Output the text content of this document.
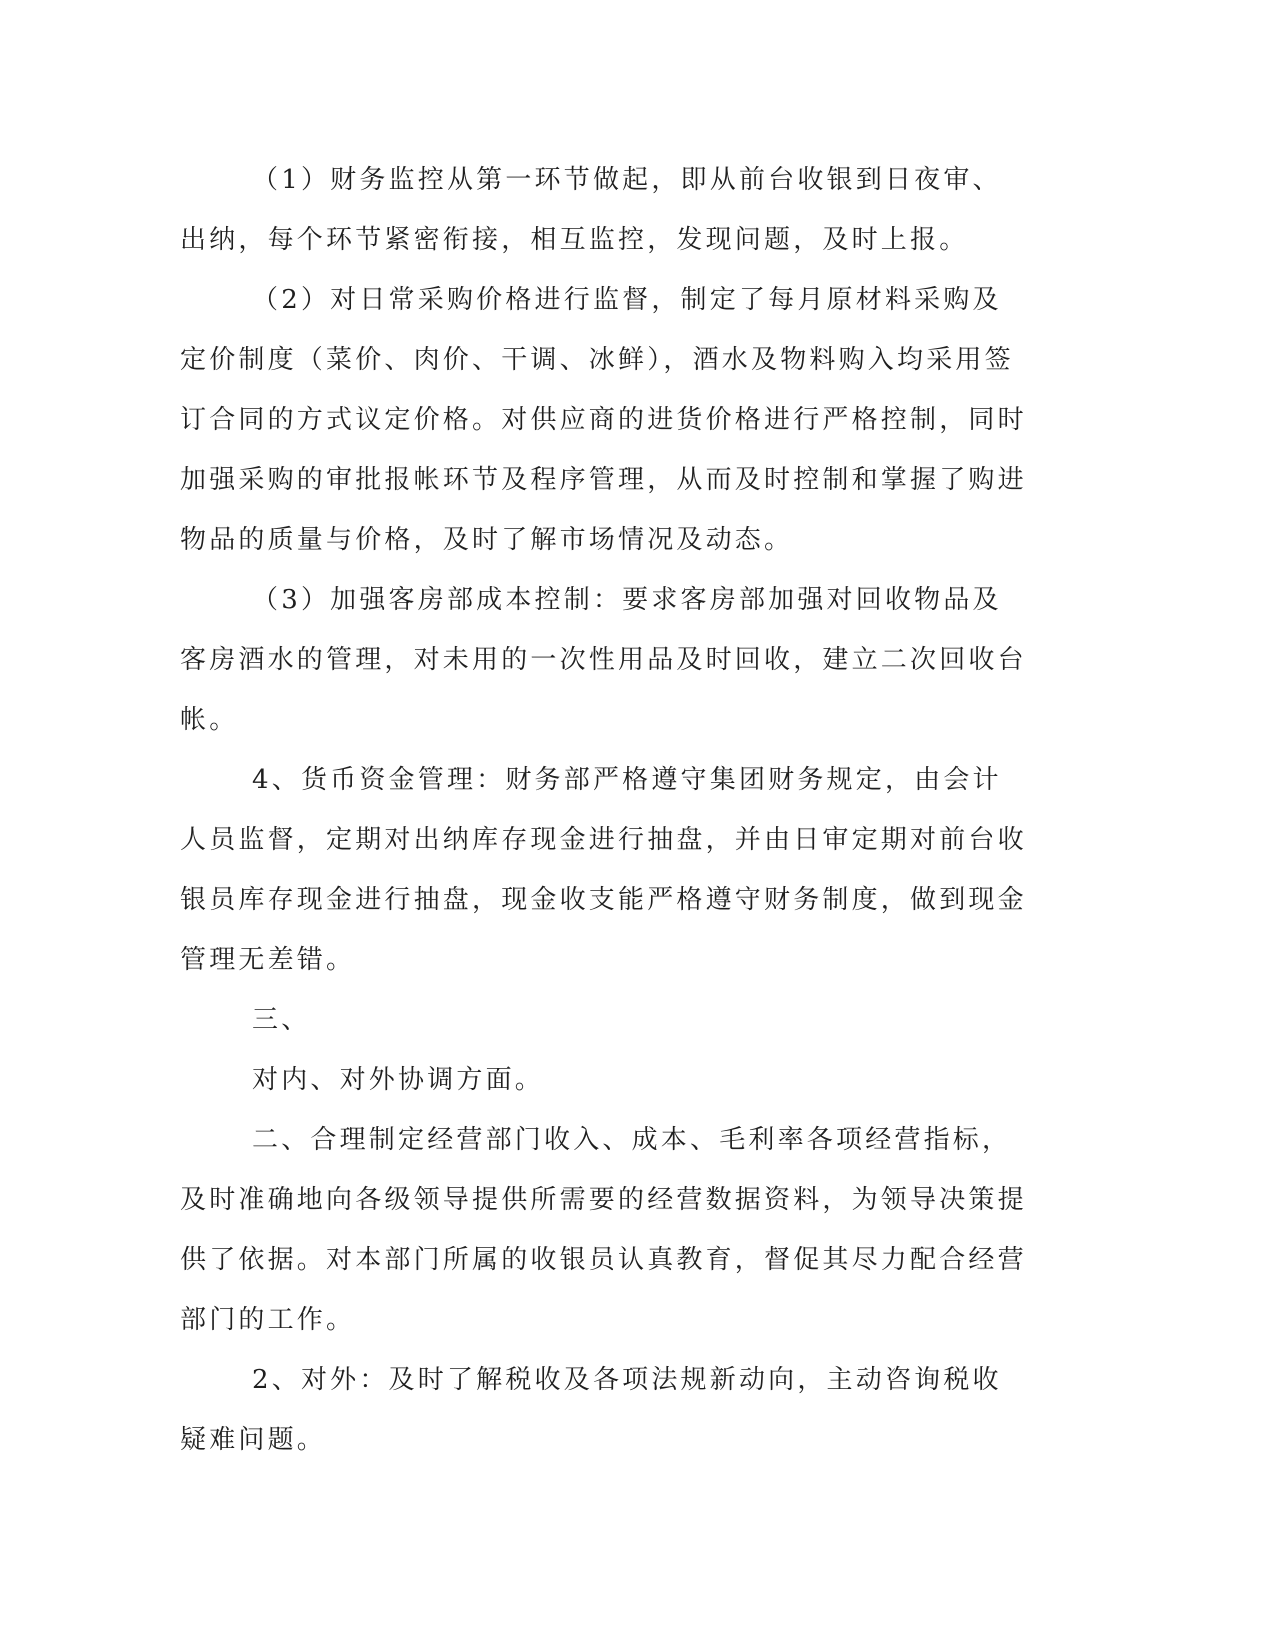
（1）财务监控从第一环节做起，即从前台收银到日夜审、出纳，每个环节紧密衔接，相互监控，发现问题，及时上报。

（2）对日常采购价格进行监督，制定了每月原材料采购及定价制度（菜价、肉价、干调、冰鲜），酒水及物料购入均采用签订合同的方式议定价格。对供应商的进货价格进行严格控制，同时加强采购的审批报帐环节及程序管理，从而及时控制和掌握了购进物品的质量与价格，及时了解市场情况及动态。

（3）加强客房部成本控制：要求客房部加强对回收物品及客房酒水的管理，对未用的一次性用品及时回收，建立二次回收台帐。

4、货币资金管理：财务部严格遵守集团财务规定，由会计人员监督，定期对出纳库存现金进行抽盘，并由日审定期对前台收银员库存现金进行抽盘，现金收支能严格遵守财务制度，做到现金管理无差错。

三、

对内、对外协调方面。

二、合理制定经营部门收入、成本、毛利率各项经营指标，及时准确地向各级领导提供所需要的经营数据资料，为领导决策提供了依据。对本部门所属的收银员认真教育，督促其尽力配合经营部门的工作。

2、对外：及时了解税收及各项法规新动向，主动咨询税收疑难问题。
